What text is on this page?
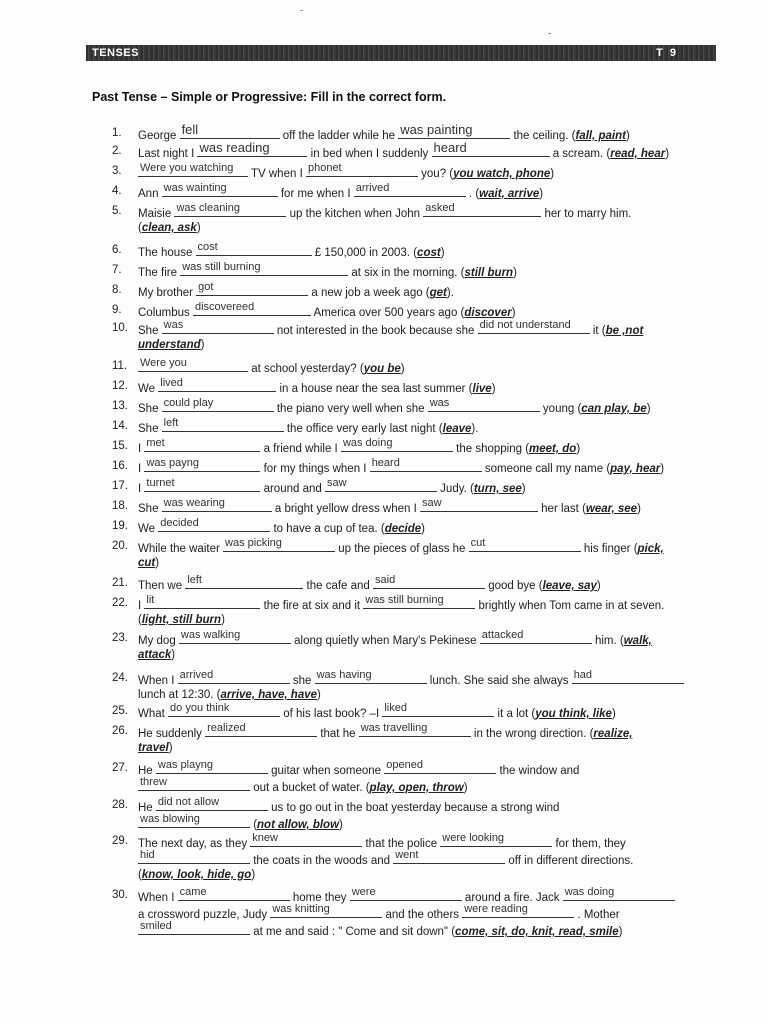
TENSES	T 9
Past Tense – Simple or Progressive: Fill in the correct form.
1.	George fell	off the ladder while he was painting	the ceiling. (fall, paint)
2.	Last night I was reading	in bed when I suddenly heard	a scream. (read, hear)
3.	Were you watching TV when I phonet	you? (you watch, phone)
4.	Ann was wainting	for me when I arrived	. (wait, arrive)
5.	Maisie was cleaning	up the kitchen when John asked	her to marry him.
(clean, ask)
6.	The house cost	£ 150,000 in 2003. (cost)
7.	The fire was still burning	at six in the morning. (still burn)
8.	My brother got	a new job a week ago (get).
9.	Columbus discovereed	America over 500 years ago (discover)
10. She was	not interested in the book because she did not understand it (be ,not
understand)
11.	Were you	at school yesterday? (you be)
12. We lived	in a house near the sea last summer (live)
13. She could play	the piano very well when she was	young (can play, be)
14. She left	the office very early last night (leave).
15. I met	a friend while I was doing	the shopping (meet, do)
16. I was payng	for my things when I heard	someone call my name (pay, hear)
17. I turnet	around and saw	Judy. (turn, see)
18. She was wearing	a bright yellow dress when I saw	her last (wear, see)
19. We decided	to have a cup of tea. (decide)
20. While the waiter was picking	up the pieces of glass he cut	his finger (pick,
cut)
21. Then we left	the cafe and said	good bye (leave, say)
22. I lit	the fire at six and it was still burning	brightly when Tom came in at seven.
(light, still burn)
23. My dog was walking	along quietly when Mary's Pekinese attacked	him. (walk,
attack)
24. When I arrived	she was having	lunch. She said she always had
lunch at 12:30. (arrive, have, have)
25. What do you think	of his last book? –I liked	it a lot (you think, like)
26. He suddenly realized	that he was travelling	in the wrong direction. (realize,
travel)
27. He was playng	guitar when someone opened	the window and
threw	out a bucket of water. (play, open, throw)
28. He did not allow	us to go out in the boat yesterday because a strong wind
was blowing	(not allow, blow)
29. The next day, as they knew	that the police were looking	for them, they
hid	the coats in the woods and went	off in different directions.
(know, look, hide, go)
30. When I came	home they were	around a fire. Jack was doing
a crossword puzzle, Judy was knitting	and the others were reading	. Mother
smiled	at me and said : " Come and sit down" (come, sit, do, knit, read, smile)
